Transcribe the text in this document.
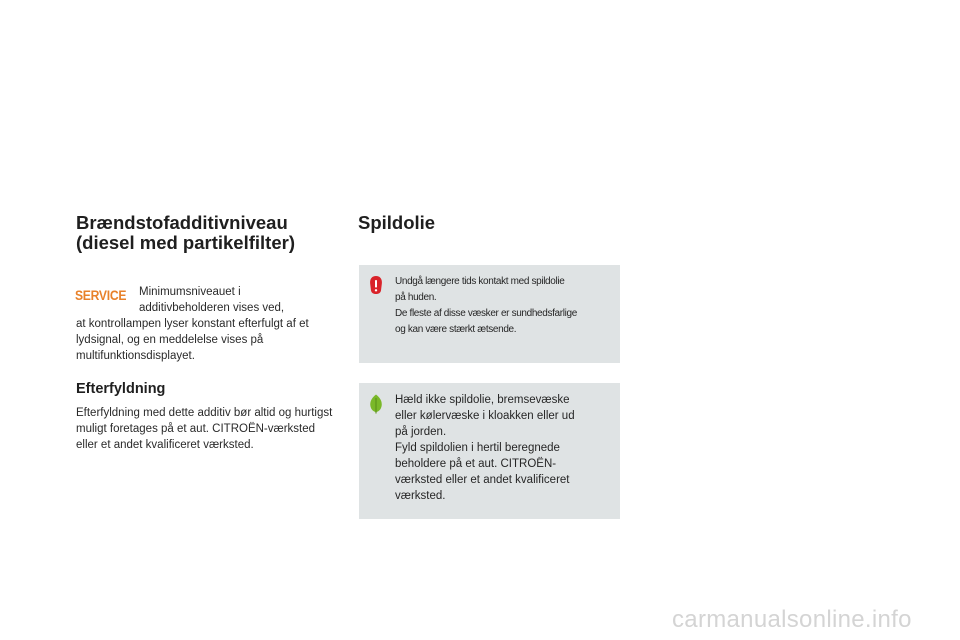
Brændstofadditivniveau
(diesel med partikelfilter)
SERVICE Minimumsniveauet i additivbeholderen vises ved,

at kontrollampen lyser konstant efterfulgt af et lydsignal, og en meddelelse vises på multifunktionsdisplayet.

Efterfyldning

Efterfyldning med dette additiv bør altid og hurtigst muligt foretages på et aut. CITROËN-værksted eller et andet kvalificeret værksted.

Spildolie
Undgå længere tids kontakt med spildolie
på huden.
De fleste af disse væsker er sundhedsfarlige
og kan være stærkt ætsende.
Hæld ikke spildolie, bremsevæske
eller kølervæske i kloakken eller ud
på jorden.
Fyld spildolien i hertil beregnede
beholdere på et aut. CITROËN-
værksted eller et andet kvalificeret
værksted.
carmanualsonline.info
